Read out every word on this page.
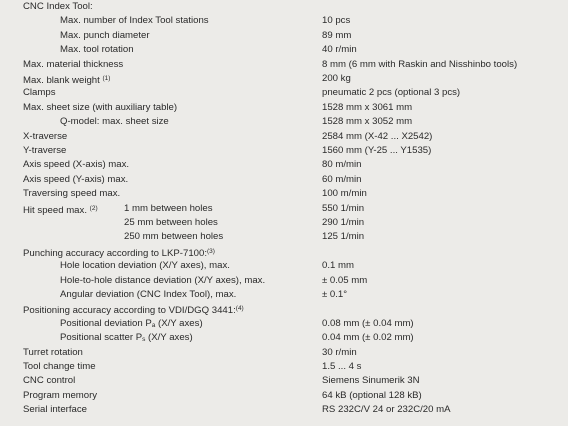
CNC Index Tool:
Max. number of Index Tool stations	10 pcs
Max. punch diameter	89 mm
Max. tool rotation	40 r/min
Max. material thickness	8 mm (6 mm with Raskin and Nisshinbo tools)
Max. blank weight $^{(1)}$	200 kg
Clamps	pneumatic 2 pcs (optional 3 pcs)
Max. sheet size (with auxiliary table)	1528 mm x 3061 mm
Q-model: max. sheet size	1528 mm x 3052 mm
X-traverse	2584 mm (X-42 ... X2542)
Y-traverse	1560 mm (Y-25 ... Y1535)
Axis speed (X-axis) max.	80 m/min
Axis speed (Y-axis) max.	60 m/min
Traversing speed max.	100 m/min
Hit speed max. $^{(2)}$	1 mm between holes	550 1/min
25 mm between holes	290 1/min
250 mm between holes	125 1/min
Punching accuracy according to LKP-7100:$^{(3)}$
Hole location deviation (X/Y axes), max.	0.1 mm
Hole-to-hole distance deviation (X/Y axes), max.	± 0.05 mm
Angular deviation (CNC Index Tool), max.	± 0.1°
Positioning accuracy according to VDI/DGQ 3441:$^{(4)}$
Positional deviation Pa (X/Y axes)	0.08 mm (± 0.04 mm)
Positional scatter Ps (X/Y axes)	0.04 mm (± 0.02 mm)
Turret rotation	30 r/min
Tool change time	1.5 ... 4 s
CNC control	Siemens Sinumerik 3N
Program memory	64 kB (optional 128 kB)
Serial interface	RS 232C/V 24 or 232C/20 mA
